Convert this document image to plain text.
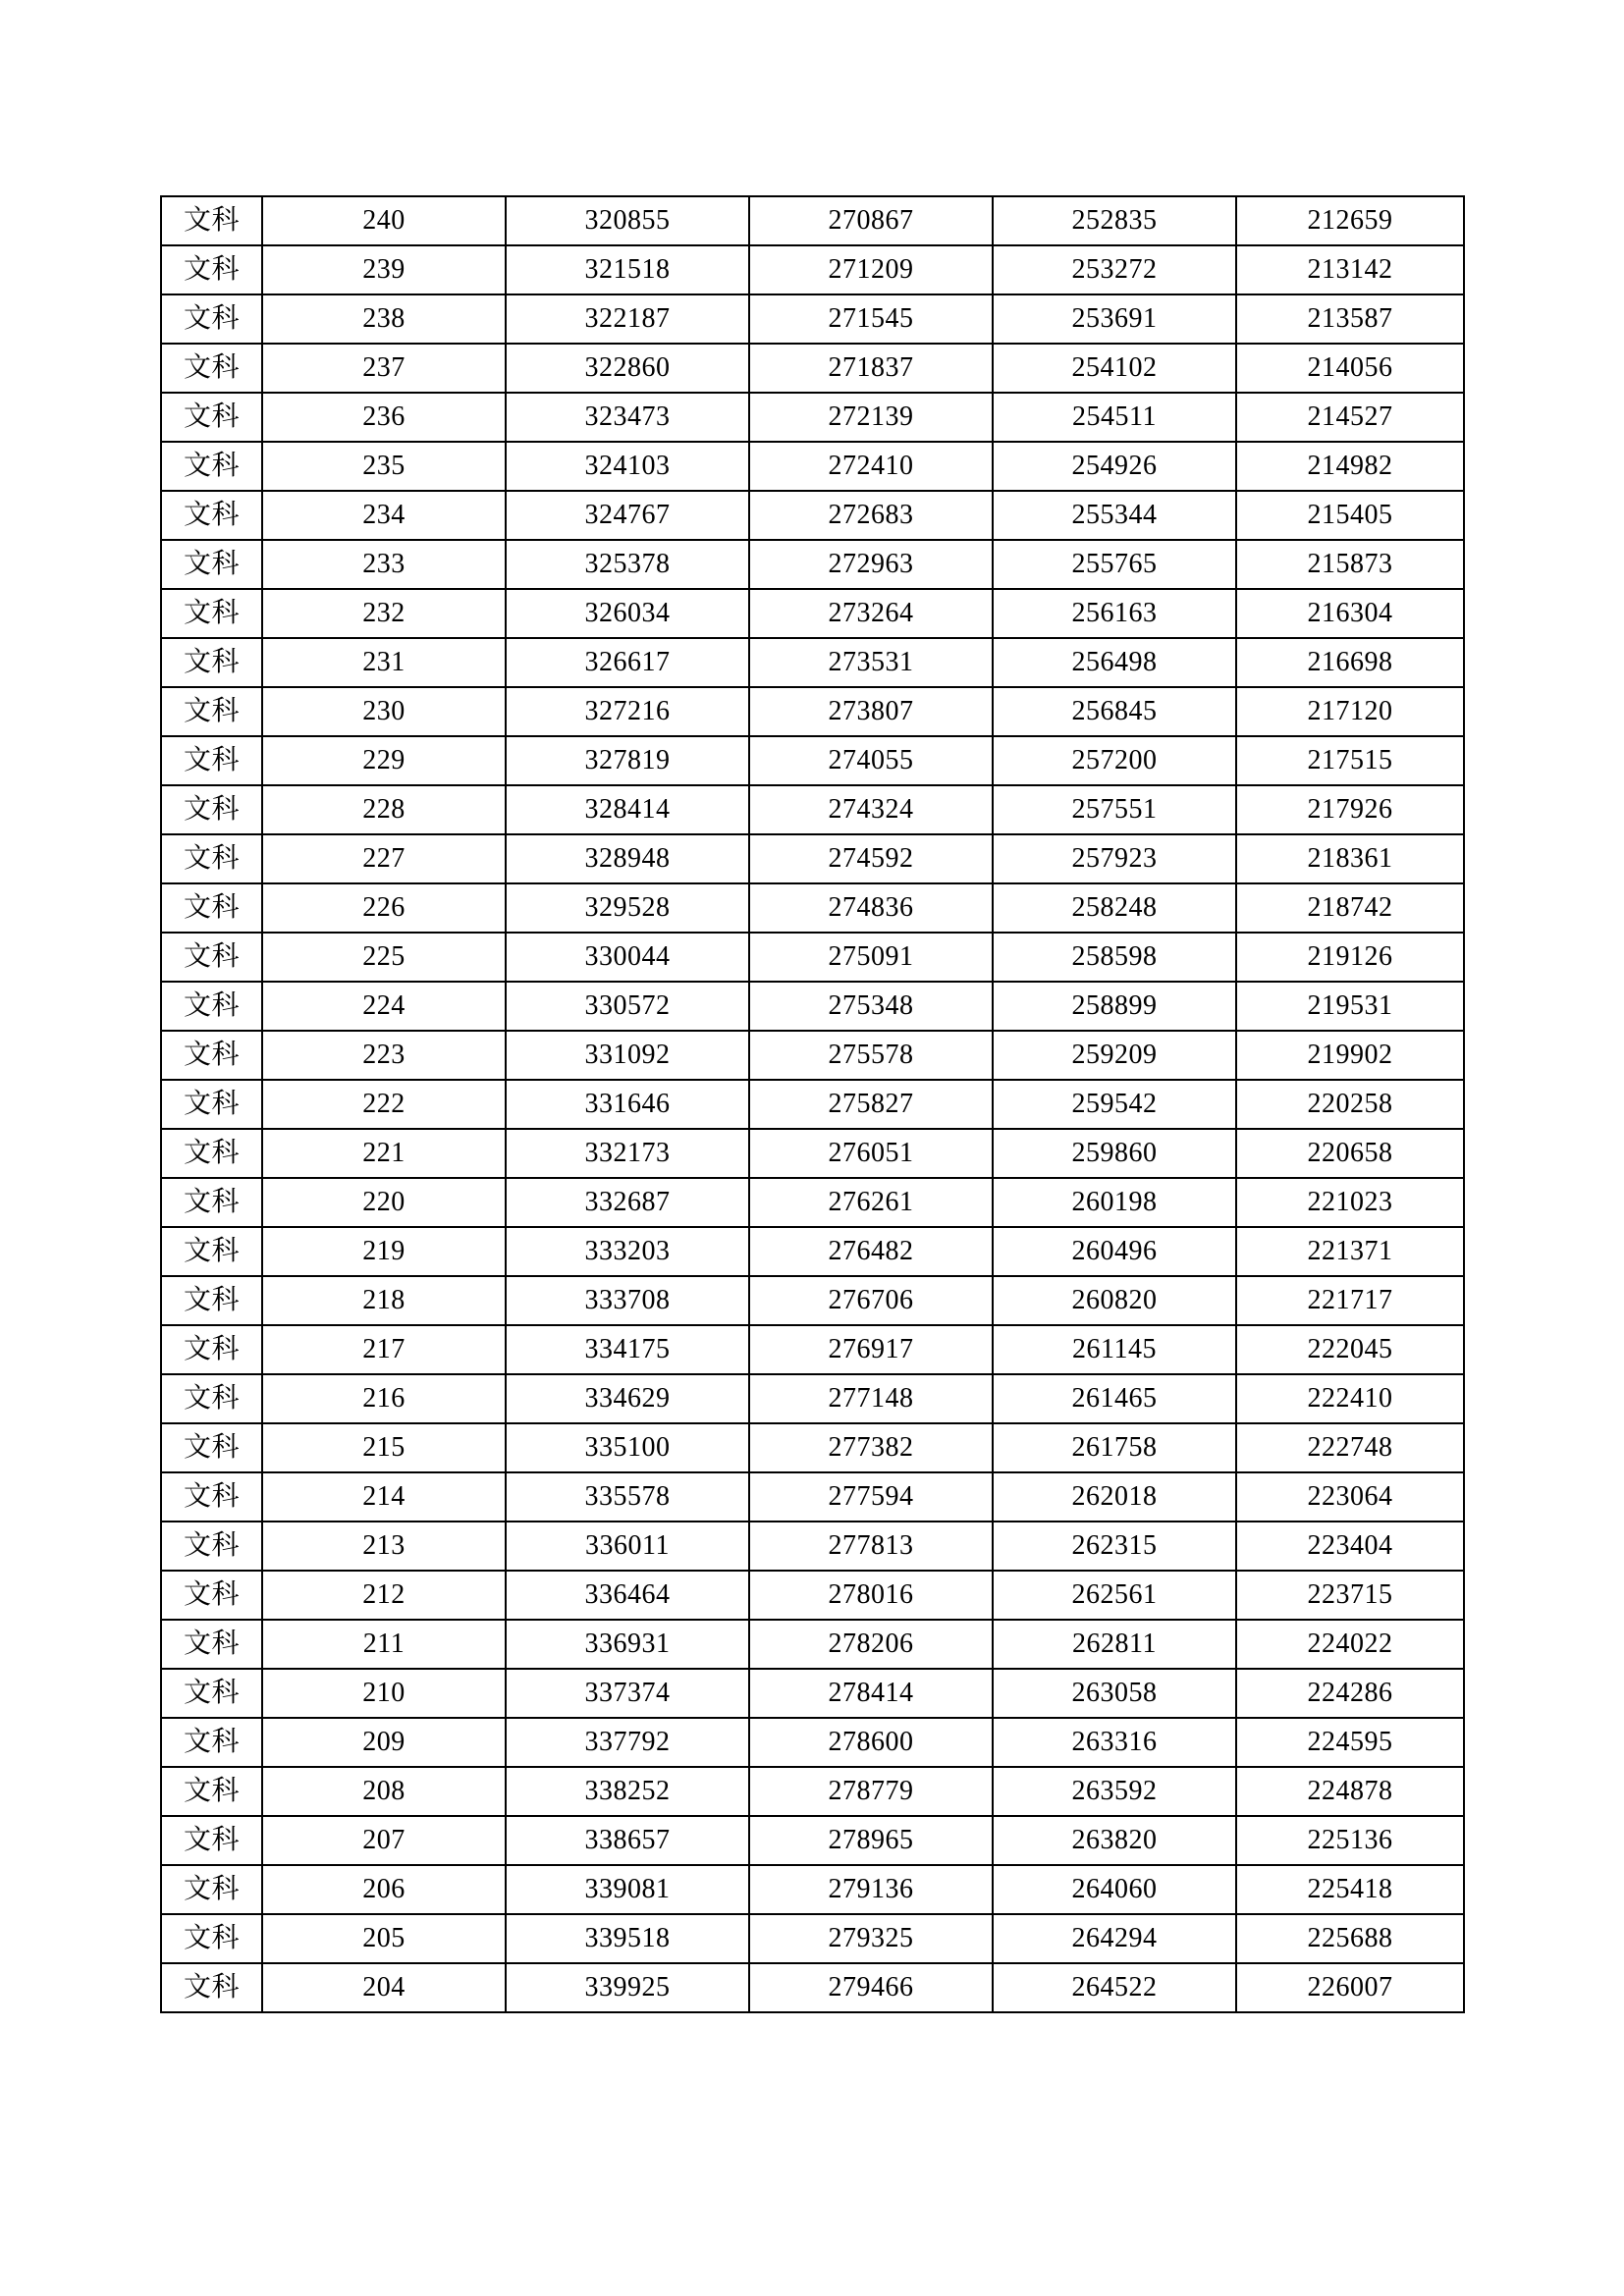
文科	240	320855	270867	252835	212659
文科	239	321518	271209	253272	213142
文科	238	322187	271545	253691	213587
文科	237	322860	271837	254102	214056
文科	236	323473	272139	254511	214527
文科	235	324103	272410	254926	214982
文科	234	324767	272683	255344	215405
文科	233	325378	272963	255765	215873
文科	232	326034	273264	256163	216304
文科	231	326617	273531	256498	216698
文科	230	327216	273807	256845	217120
文科	229	327819	274055	257200	217515
文科	228	328414	274324	257551	217926
文科	227	328948	274592	257923	218361
文科	226	329528	274836	258248	218742
文科	225	330044	275091	258598	219126
文科	224	330572	275348	258899	219531
文科	223	331092	275578	259209	219902
文科	222	331646	275827	259542	220258
文科	221	332173	276051	259860	220658
文科	220	332687	276261	260198	221023
文科	219	333203	276482	260496	221371
文科	218	333708	276706	260820	221717
文科	217	334175	276917	261145	222045
文科	216	334629	277148	261465	222410
文科	215	335100	277382	261758	222748
文科	214	335578	277594	262018	223064
文科	213	336011	277813	262315	223404
文科	212	336464	278016	262561	223715
文科	211	336931	278206	262811	224022
文科	210	337374	278414	263058	224286
文科	209	337792	278600	263316	224595
文科	208	338252	278779	263592	224878
文科	207	338657	278965	263820	225136
文科	206	339081	279136	264060	225418
文科	205	339518	279325	264294	225688
文科	204	339925	279466	264522	226007
